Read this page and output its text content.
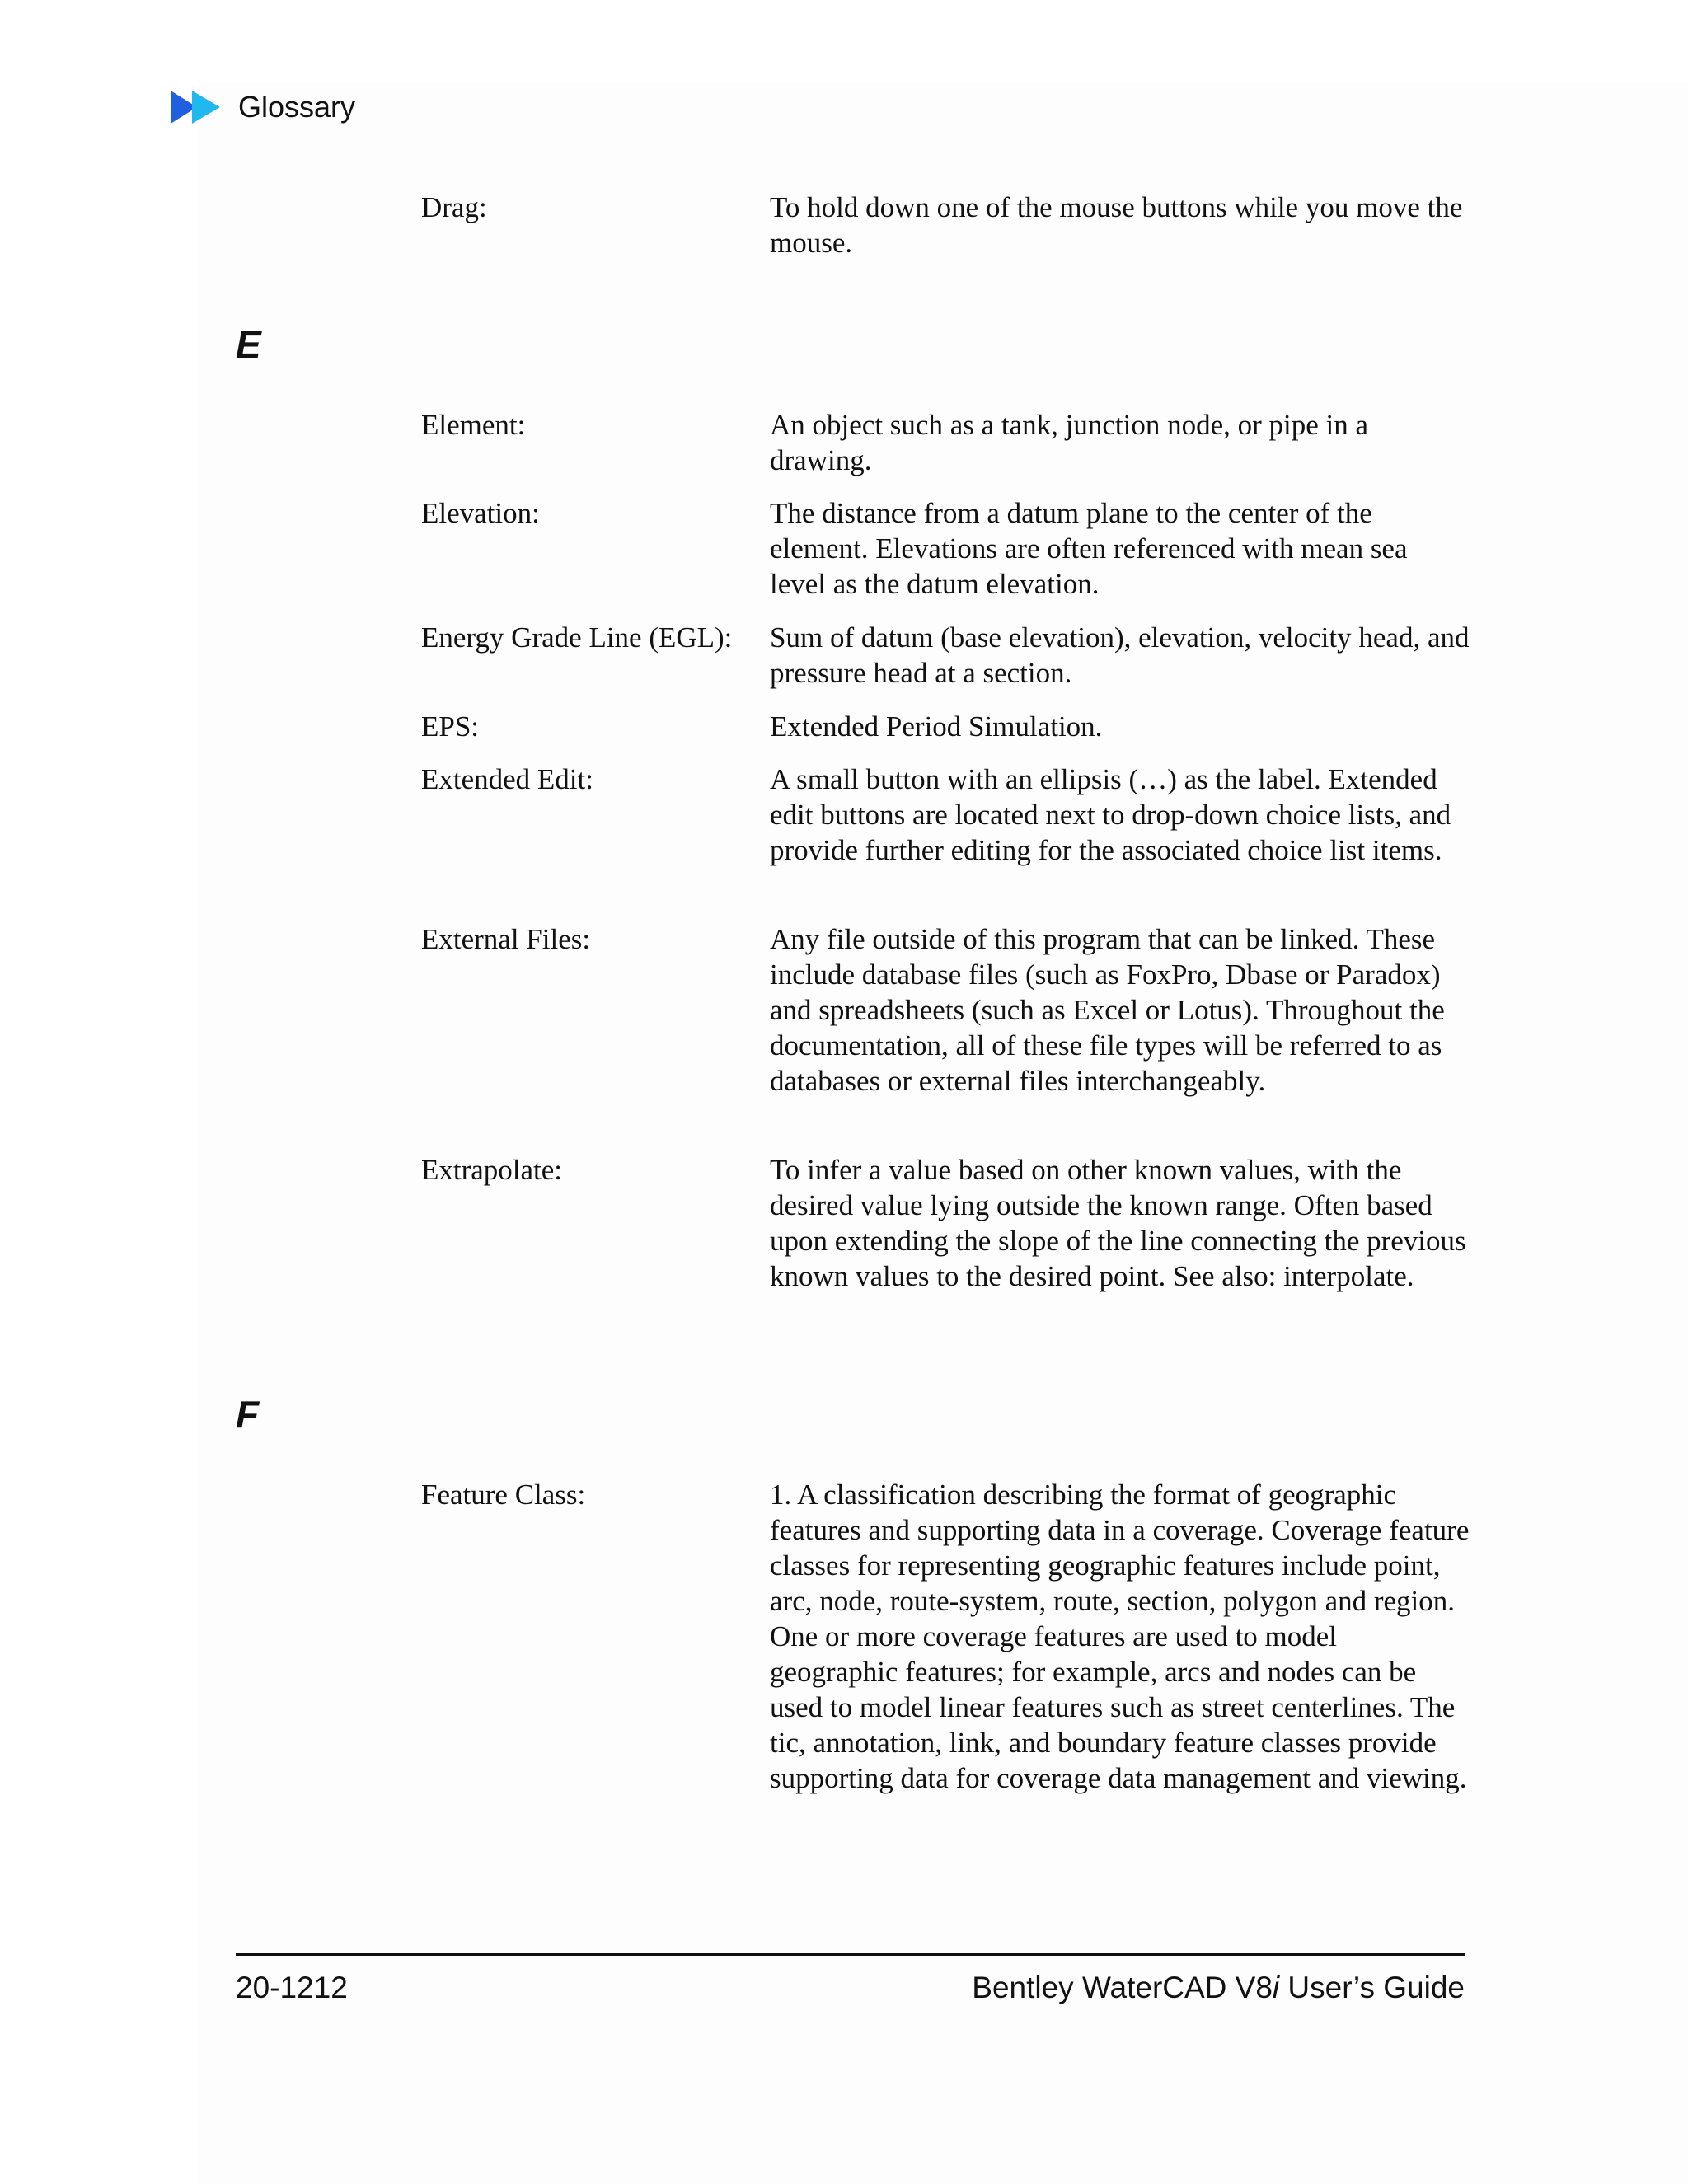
Glossary
Drag:	To hold down one of the mouse buttons while you move the mouse.
E
Element:	An object such as a tank, junction node, or pipe in a drawing.
Elevation:	The distance from a datum plane to the center of the element. Elevations are often referenced with mean sea level as the datum elevation.
Energy Grade Line (EGL): Sum of datum (base elevation), elevation, velocity head, and pressure head at a section.
EPS:	Extended Period Simulation.
Extended Edit:	A small button with an ellipsis (…) as the label. Extended edit buttons are located next to drop-down choice lists, and provide further editing for the associated choice list items.
External Files:	Any file outside of this program that can be linked. These include database files (such as FoxPro, Dbase or Paradox) and spreadsheets (such as Excel or Lotus). Throughout the documentation, all of these file types will be referred to as databases or external files interchangeably.
Extrapolate:	To infer a value based on other known values, with the desired value lying outside the known range. Often based upon extending the slope of the line connecting the previous known values to the desired point. See also: interpolate.
F
Feature Class:	1. A classification describing the format of geographic features and supporting data in a coverage. Coverage feature classes for representing geographic features include point, arc, node, route-system, route, section, polygon and region. One or more coverage features are used to model geographic features; for example, arcs and nodes can be used to model linear features such as street centerlines. The tic, annotation, link, and boundary feature classes provide supporting data for coverage data management and viewing.
20-1212	Bentley WaterCAD V8i User’s Guide
